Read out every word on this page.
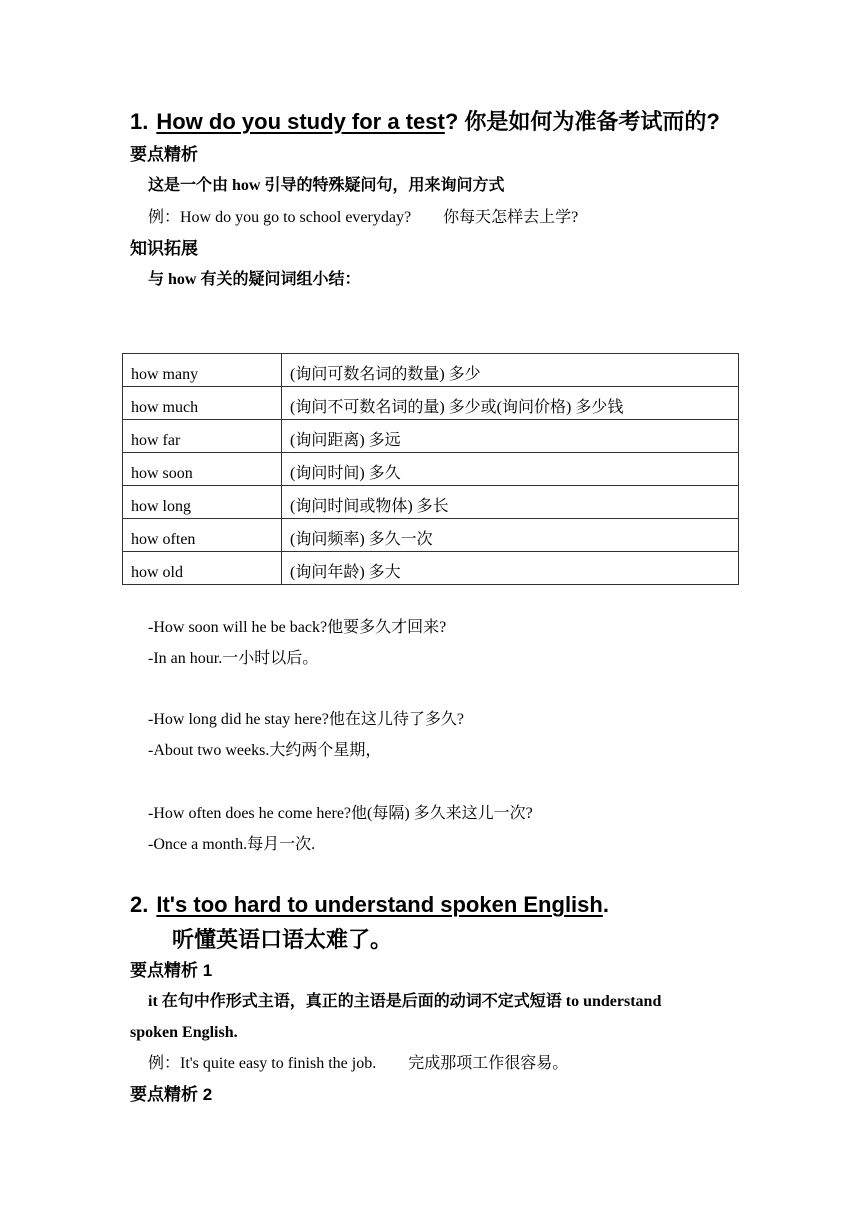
1. How do you study for a test? 你是如何为准备考试而的?
要点精析
这是一个由 how 引导的特殊疑问句，用来询问方式
例：How do you go to school everyday?　　你每天怎样去上学?
知识拓展
与 how 有关的疑问词组小结：
how many	(询问可数名词的数量) 多少
how much	(询问不可数名词的量) 多少或(询问价格) 多少钱
how far	(询问距离) 多远
how soon	(询问时间) 多久
how long	(询问时间或物体) 多长
how often	(询问频率) 多久一次
how old	(询问年龄) 多大
-How soon will he be back?他要多久才回来?
-In an hour.一小时以后。
-How long did he stay here?他在这儿待了多久?
-About two weeks.大约两个星期，
-How often does he come here?他(每隔) 多久来这儿一次?
-Once a month.每月一次.
2. It's too hard to understand spoken English.
听懂英语口语太难了。
要点精析 1
it 在句中作形式主语，真正的主语是后面的动词不定式短语 to understand
spoken English.
例：It's quite easy to finish the job.　　完成那项工作很容易。
要点精析 2
